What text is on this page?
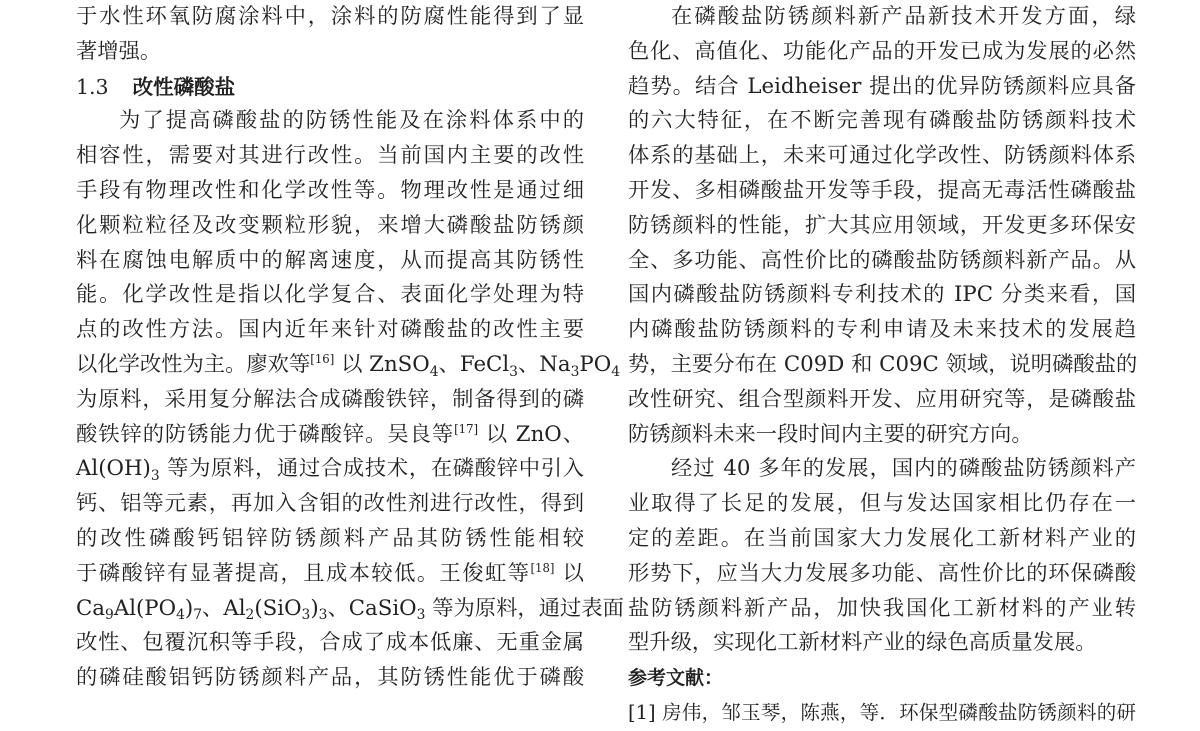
于水性环氧防腐涂料中，涂料的防腐性能得到了显
著增强。
1.3 改性磷酸盐
为了提高磷酸盐的防锈性能及在涂料体系中的
相容性，需要对其进行改性。当前国内主要的改性
手段有物理改性和化学改性等。物理改性是通过细
化颗粒粒径及改变颗粒形貌，来增大磷酸盐防锈颜
料在腐蚀电解质中的解离速度，从而提高其防锈性
能。化学改性是指以化学复合、表面化学处理为特
点的改性方法。国内近年来针对磷酸盐的改性主要
以化学改性为主。廖欢等[16] 以 ZnSO$_4$、FeCl$_3$、$Na_3PO_4$
为原料，采用复分解法合成磷酸铁锌，制备得到的磷
酸铁锌的防锈能力优于磷酸锌。吴良等[17] 以 ZnO、
$Al(OH)_3$ 等为原料，通过合成技术，在磷酸锌中引入
钙、铝等元素，再加入含钼的改性剂进行改性，得到
的改性磷酸钙铝锌防锈颜料产品其防锈性能相较
于磷酸锌有显著提高，且成本较低。王俊虹等[18] 以
$Ca_9Al(PO_4)_7$、$Al_2(SiO_3)_3$、CaSiO$_3$ 等为原料，通过表面
改性、包覆沉积等手段，合成了成本低廉、无重金属
的磷硅酸铝钙防锈颜料产品，其防锈性能优于磷酸
在磷酸盐防锈颜料新产品新技术开发方面，绿
色化、高值化、功能化产品的开发已成为发展的必然
趋势。结合 Leidheiser 提出的优异防锈颜料应具备
的六大特征，在不断完善现有磷酸盐防锈颜料技术
体系的基础上，未来可通过化学改性、防锈颜料体系
开发、多相磷酸盐开发等手段，提高无毒活性磷酸盐
防锈颜料的性能，扩大其应用领域，开发更多环保安
全、多功能、高性价比的磷酸盐防锈颜料新产品。从
国内磷酸盐防锈颜料专利技术的 IPC 分类来看，国
内磷酸盐防锈颜料的专利申请及未来技术的发展趋
势，主要分布在 C09D 和 C09C 领域，说明磷酸盐的
改性研究、组合型颜料开发、应用研究等，是磷酸盐
防锈颜料未来一段时间内主要的研究方向。
经过 40 多年的发展，国内的磷酸盐防锈颜料产
业取得了长足的发展，但与发达国家相比仍存在一
定的差距。在当前国家大力发展化工新材料产业的
形势下，应当大力发展多功能、高性价比的环保磷酸
盐防锈颜料新产品，加快我国化工新材料的产业转
型升级，实现化工新材料产业的绿色高质量发展。
参考文献：
[1] 房伟，邹玉琴，陈燕，等．环保型磷酸盐防锈颜料的研
